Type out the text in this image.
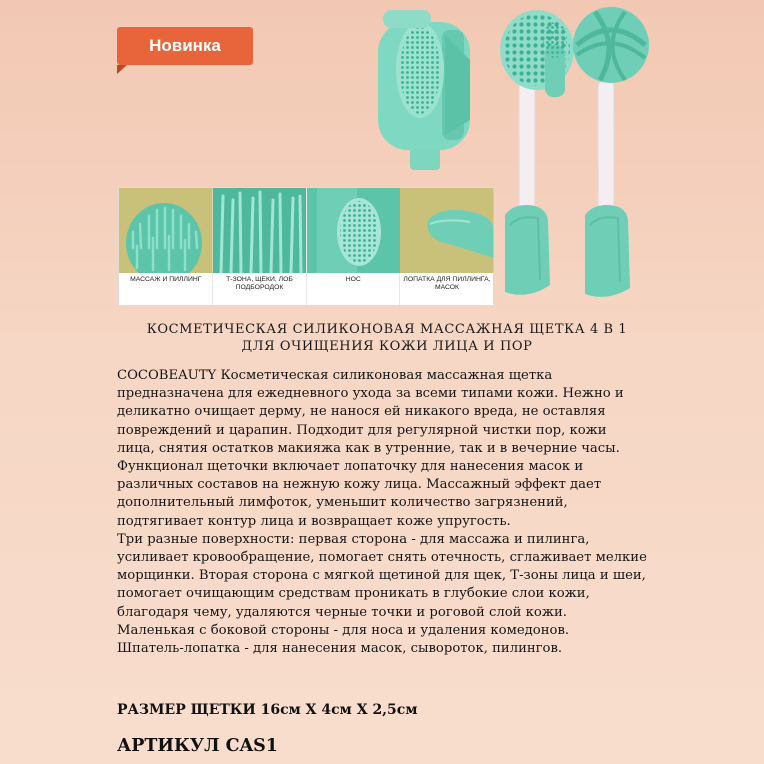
Новинка
МАССАЖ И ПИЛЛИНГ	Т-ЗОНА, ЩЕКИ, ЛОБ ПОДБОРОДОК
НОС	ЛОПАТКА ДЛЯ ПИЛЛИНГА, МАСОК
КОСМЕТИЧЕСКАЯ СИЛИКОНОВАЯ МАССАЖНАЯ ЩЕТКА 4 В 1
ДЛЯ ОЧИЩЕНИЯ КОЖИ ЛИЦА И ПОР

COCOBEAUTY Косметическая силиконовая массажная щетка предназначена для ежедневного ухода за всеми типами кожи. Нежно и деликатно очищает дерму, не нанося ей никакого вреда, не оставляя повреждений и царапин. Подходит для регулярной чистки пор, кожи лица, снятия остатков макияжа как в утренние, так и в вечерние часы. Функционал щеточки включает лопаточку для нанесения масок и различных составов на нежную кожу лица. Массажный эффект дает дополнительный лимфоток, уменьшит количество загрязнений, подтягивает контур лица и возвращает коже упругость.

Три разные поверхности: первая сторона - для массажа и пилинга, усиливает кровообращение, помогает снять отечность, сглаживает мелкие морщинки. Вторая сторона с мягкой щетиной для щек, Т-зоны лица и шеи, помогает очищающим средствам проникать в глубокие слои кожи, благодаря чему, удаляются черные точки и роговой слой кожи.

Маленькая с боковой стороны - для носа и удаления комедонов.

Шпатель-лопатка - для нанесения масок, сывороток, пилингов.

РАЗМЕР ЩЕТКИ 16см Х 4см Х 2,5см
АРТИКУЛ CAS1
